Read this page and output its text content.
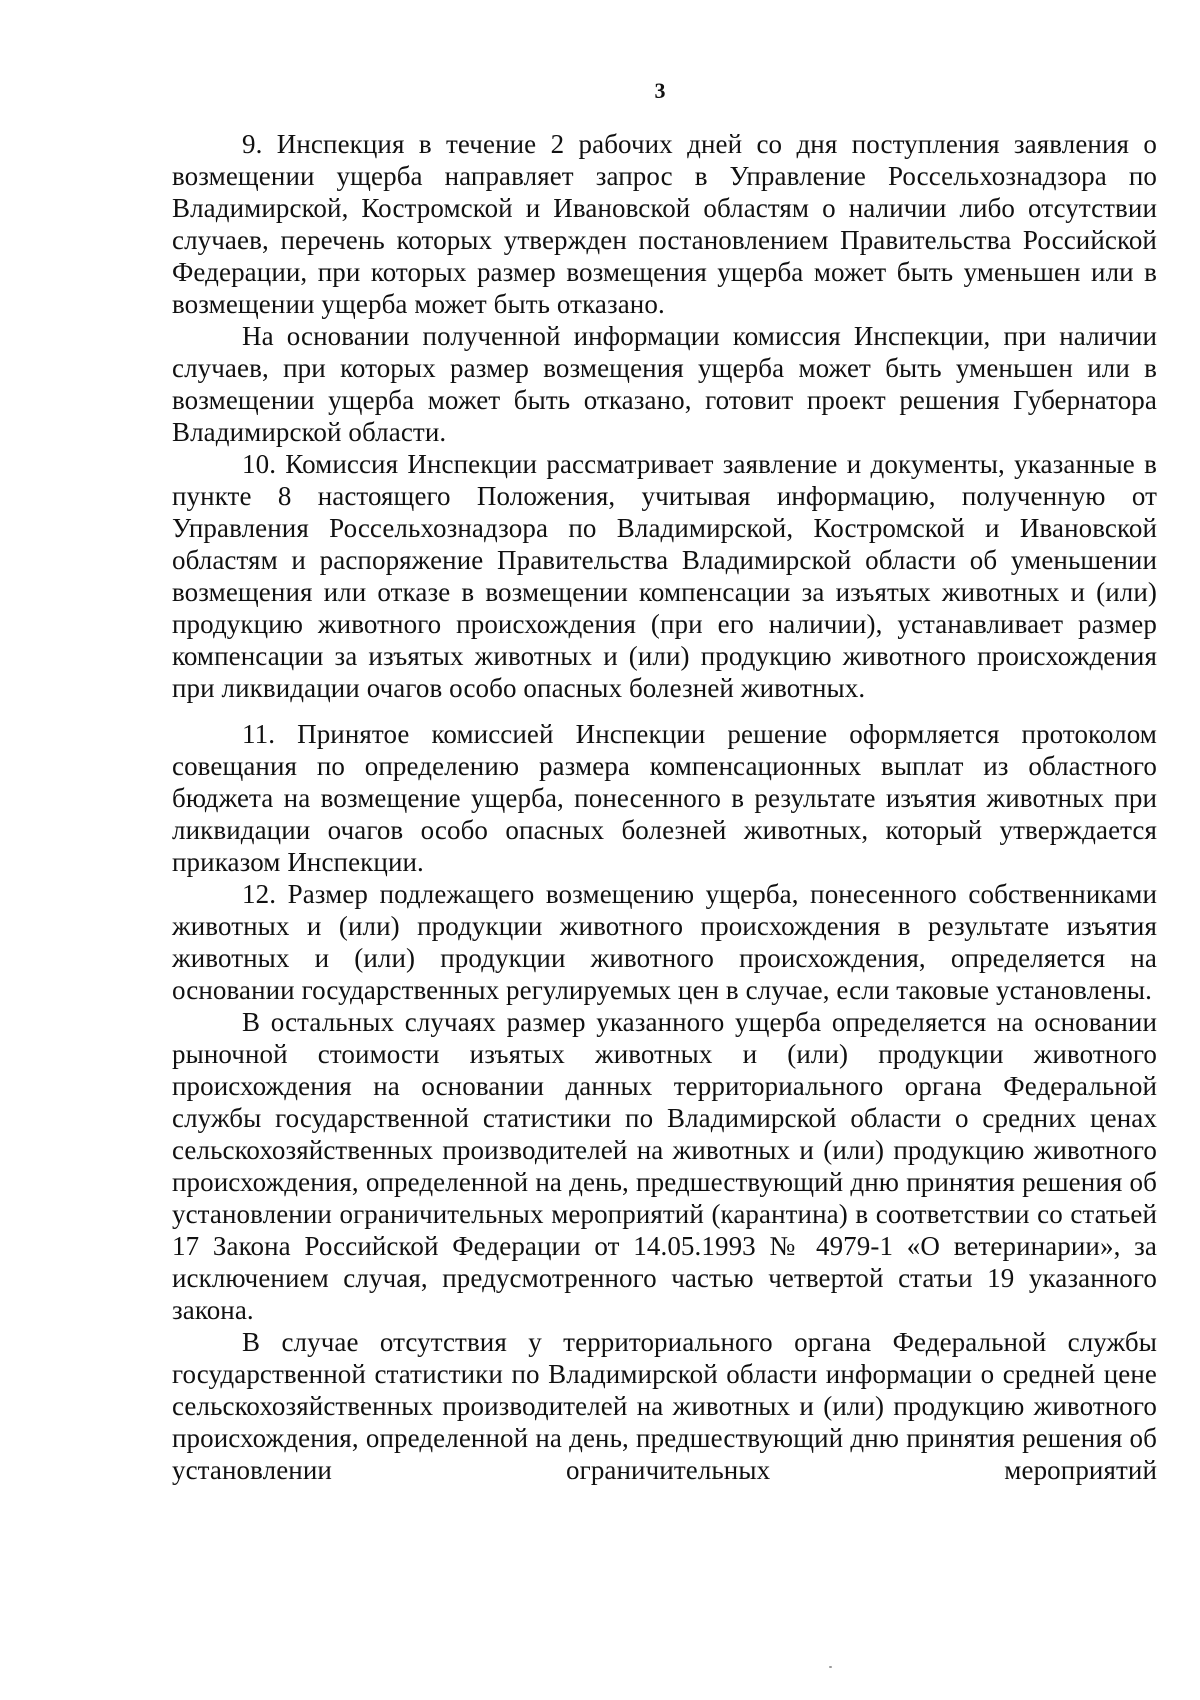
3

9. Инспекция в течение 2 рабочих дней со дня поступления заявления о возмещении ущерба направляет запрос в Управление Россельхознадзора по Владимирской, Костромской и Ивановской областям о наличии либо отсутствии случаев, перечень которых утвержден постановлением Правительства Российской Федерации, при которых размер возмещения ущерба может быть уменьшен или в возмещении ущерба может быть отказано.

На основании полученной информации комиссия Инспекции, при наличии случаев, при которых размер возмещения ущерба может быть уменьшен или в возмещении ущерба может быть отказано, готовит проект решения Губернатора Владимирской области.

10. Комиссия Инспекции рассматривает заявление и документы, указанные в пункте 8 настоящего Положения, учитывая информацию, полученную от Управления Россельхознадзора по Владимирской, Костромской и Ивановской областям и распоряжение Правительства Владимирской области об уменьшении возмещения или отказе в возмещении компенсации за изъятых животных и (или) продукцию животного происхождения (при его наличии), устанавливает размер компенсации за изъятых животных и (или) продукцию животного происхождения при ликвидации очагов особо опасных болезней животных.

11. Принятое комиссией Инспекции решение оформляется протоколом совещания по определению размера компенсационных выплат из областного бюджета на возмещение ущерба, понесенного в результате изъятия животных при ликвидации очагов особо опасных болезней животных, который утверждается приказом Инспекции.

12. Размер подлежащего возмещению ущерба, понесенного собственниками животных и (или) продукции животного происхождения в результате изъятия животных и (или) продукции животного происхождения, определяется на основании государственных регулируемых цен в случае, если таковые установлены.

В остальных случаях размер указанного ущерба определяется на основании рыночной стоимости изъятых животных и (или) продукции животного происхождения на основании данных территориального органа Федеральной службы государственной статистики по Владимирской области о средних ценах сельскохозяйственных производителей на животных и (или) продукцию животного происхождения, определенной на день, предшествующий дню принятия решения об установлении ограничительных мероприятий (карантина) в соответствии со статьей 17 Закона Российской Федерации от 14.05.1993 № 4979-1 «О ветеринарии», за исключением случая, предусмотренного частью четвертой статьи 19 указанного закона.

В случае отсутствия у территориального органа Федеральной службы государственной статистики по Владимирской области информации о средней цене сельскохозяйственных производителей на животных и (или) продукцию животного происхождения, определенной на день, предшествующий дню принятия решения об установлении ограничительных мероприятий
